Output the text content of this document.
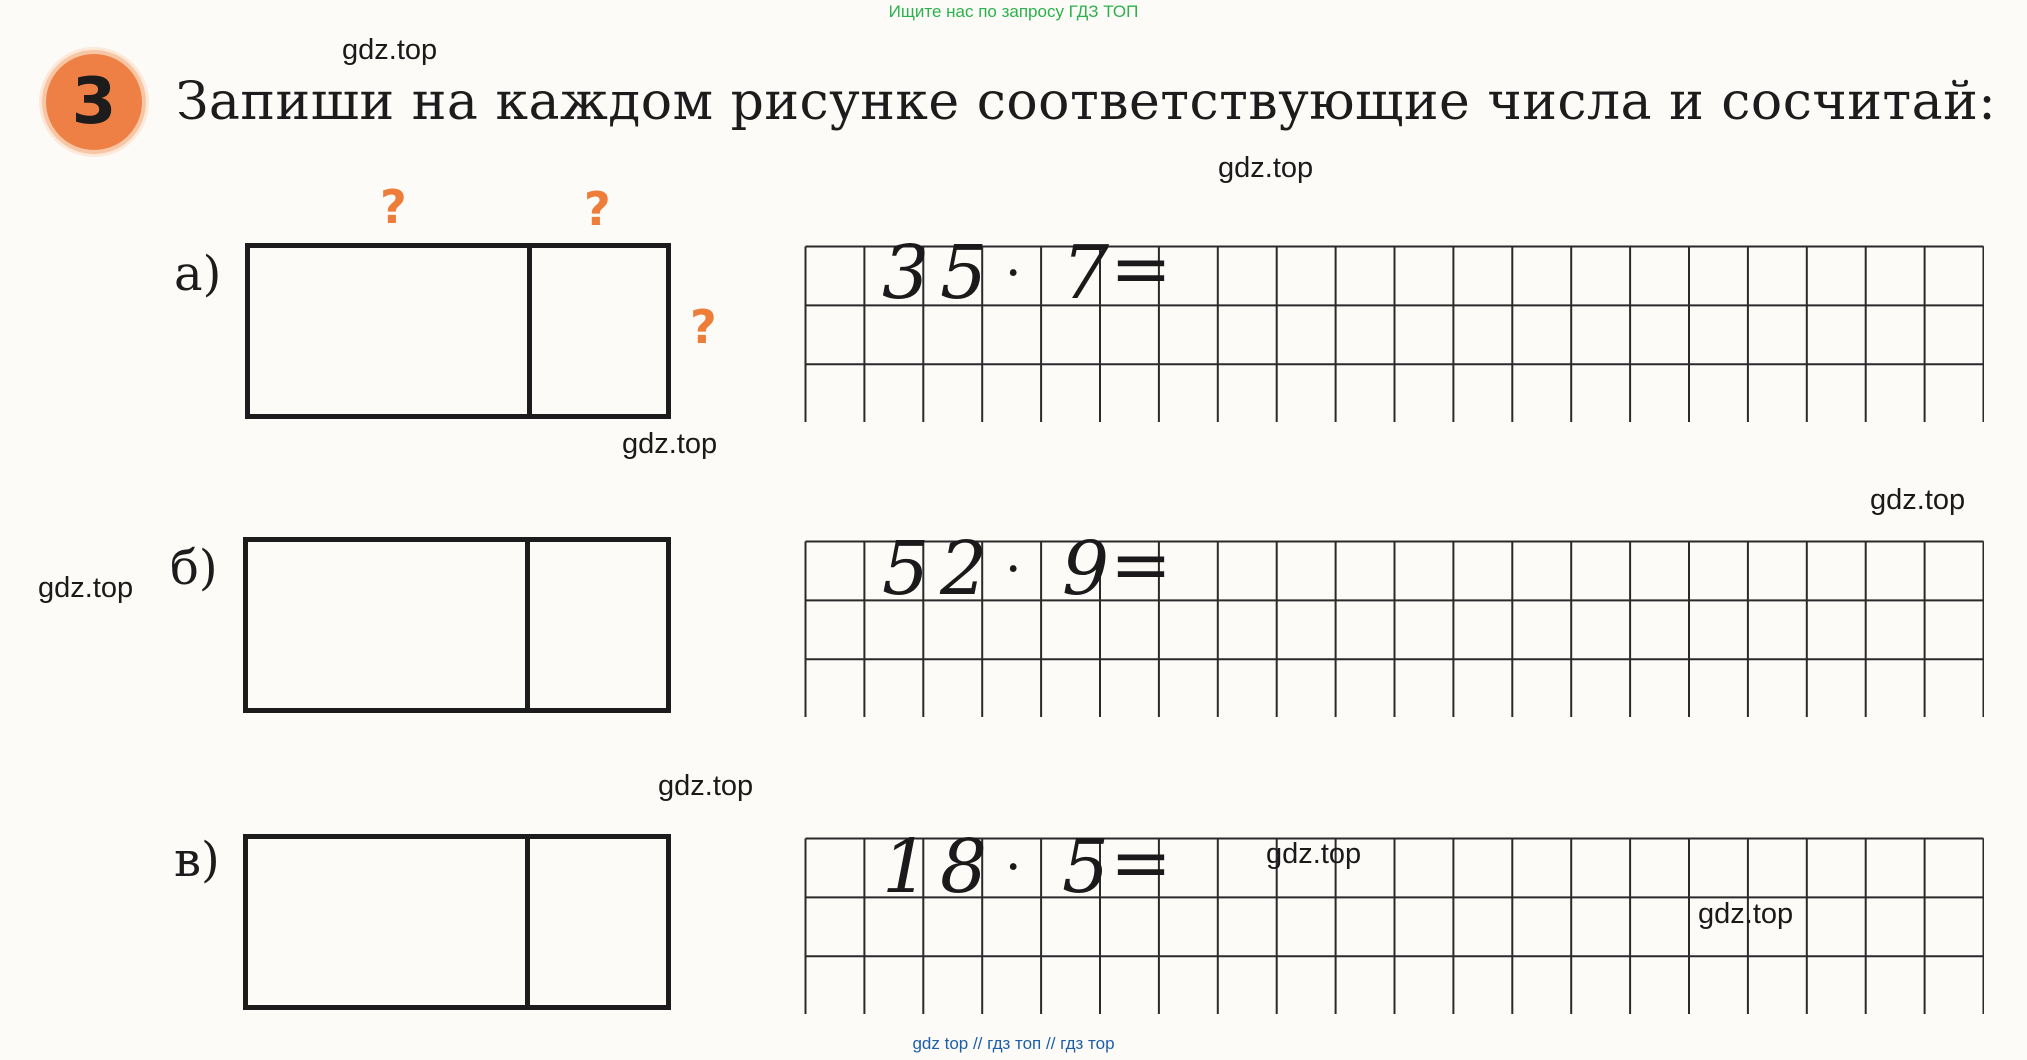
Ищите нас по запросу ГДЗ ТОП
3	Запиши на каждом рисунке соответствующие числа и сосчитай:
а)
?	?
?
б)
в)
3 5 · 7 =
5 2 · 9 =
1 8 · 5 =
gdz.top
gdz.top
gdz.top
gdz.top
gdz.top
gdz.top
gdz.top
gdz.top
gdz top // гдз топ // гдз тор
